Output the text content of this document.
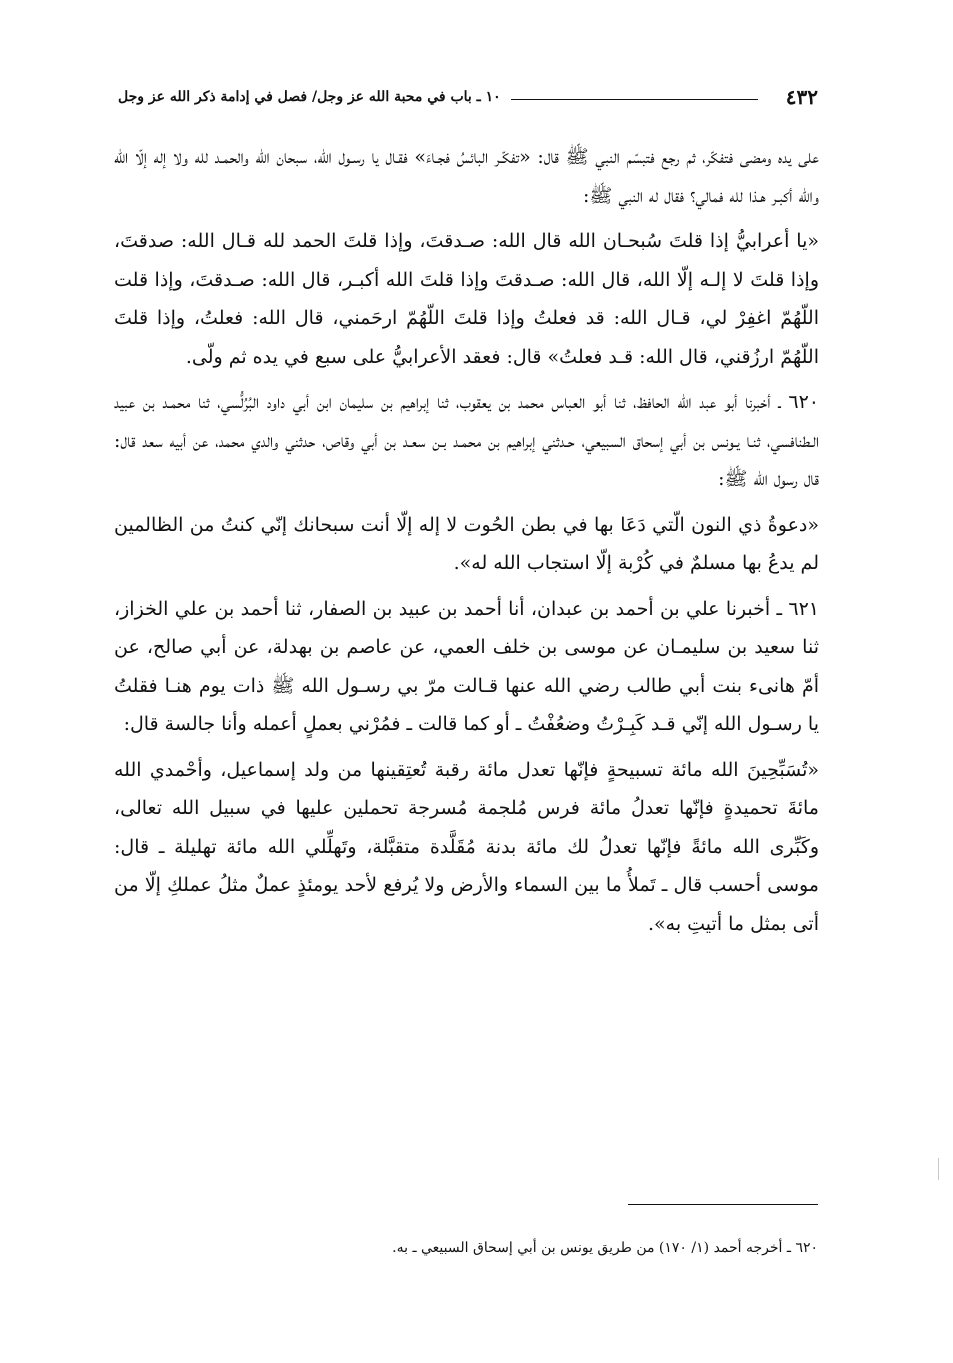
٤٣٢
١٠ ـ باب في محبة الله عز وجل/ فصل في إدامة ذكر الله عز وجل

على يده ومضى فتفكّر، ثم رجع فتبسّم النبي ﷺ قال: «تفكّـر البائسُ فجـاءَ» فقـال يا رسـول الله، سبحان الله والحمـد لله ولا إله إلّا الله والله أكبـر هـذا لله فمالي؟ فقال له النبي ﷺ:

«يا أعرابيُّ إذا قلتَ سُبحـان الله قال الله: صـدقتَ، وإذا قلتَ الحمد لله قـال الله: صدقتَ، وإذا قلتَ لا إلـه إلّا الله، قال الله: صـدقتَ وإذا قلتَ الله أكبـر، قال الله: صـدقتَ، وإذا قلت اللّهُمّ اغفِرْ لي، قـال الله: قد فعلتُ وإذا قلتَ اللّهُمّ ارحَمني، قال الله: فعلتُ، وإذا قلتَ اللّهُمّ ارزُقني، قال الله: قـد فعلتُ» قال: فعقد الأعرابيُّ على سبع في يده ثم ولّى.

٦٢٠ ـ أخبرنا أبو عبد الله الحافظ، ثنا أبو العباس محمد بن يعقوب، ثنا إبراهيم بن سليمان ابن أبي داود البُرُلُّسي، ثنا محمـد بن عبيد الـطنافسي، ثنـا يـونس بن أبي إسحاق السبيعي، حـدثني إبراهيم بن محمـد بـن سعـد بن أبي وقاص، حدثني والدي محمد، عن أبيه سعد قال: قال رسول الله ﷺ:

«دعوةُ ذي النون الّتي دَعَا بها في بطن الحُوت لا إله إلّا أنت سبحانك إنّي كنتُ من الظالمين لم يدعُ بها مسلمٌ في كُرْبة إلّا استجاب الله له».

٦٢١ ـ أخبرنا علي بن أحمد بن عبدان، أنا أحمد بن عبيد بن الصفار، ثنا أحمد بن علي الخزاز، ثنا سعيد بن سليمـان عن موسى بن خلف العمي، عن عاصم بن بهدلة، عن أبي صالح، عن أمّ هانىء بنت أبي طالب رضي الله عنها قـالت مرّ بي رسـول الله ﷺ ذات يوم هنـا فقلتُ يا رسـول الله إنّي قـد كَبِـرْتُ وضعُفْتُ ـ أو كما قالت ـ فمُرْني بعملٍ أعمله وأنا جالسة قال:

«تُسَبِّحِينَ الله مائة تسبيحةٍ فإنّها تعدل مائة رقبة تُعتِقينها من ولد إسماعيل، وأحْمدي الله مائةَ تحميدةٍ فإنّها تعدلُ مائة فرس مُلجمة مُسرجة تحملين عليها في سبيل الله تعالى، وكَبِّرى الله مائةً فإنّها تعدلُ لك مائة بدنة مُقَلَّدة متقبَّلة، وتَهلِّلي الله مائة تهليلة ـ قال: موسى أحسب قال ـ تَملأُ ما بين السماء والأرض ولا يُرفع لأحد يومئذٍ عملٌ مثلُ عملكِ إلّا من أتى بمثل ما أتيتِ به».

٦٢٠ ـ أخرجه أحمد (١/ ١٧٠) من طريق يونس بن أبي إسحاق السبيعي ـ به.
